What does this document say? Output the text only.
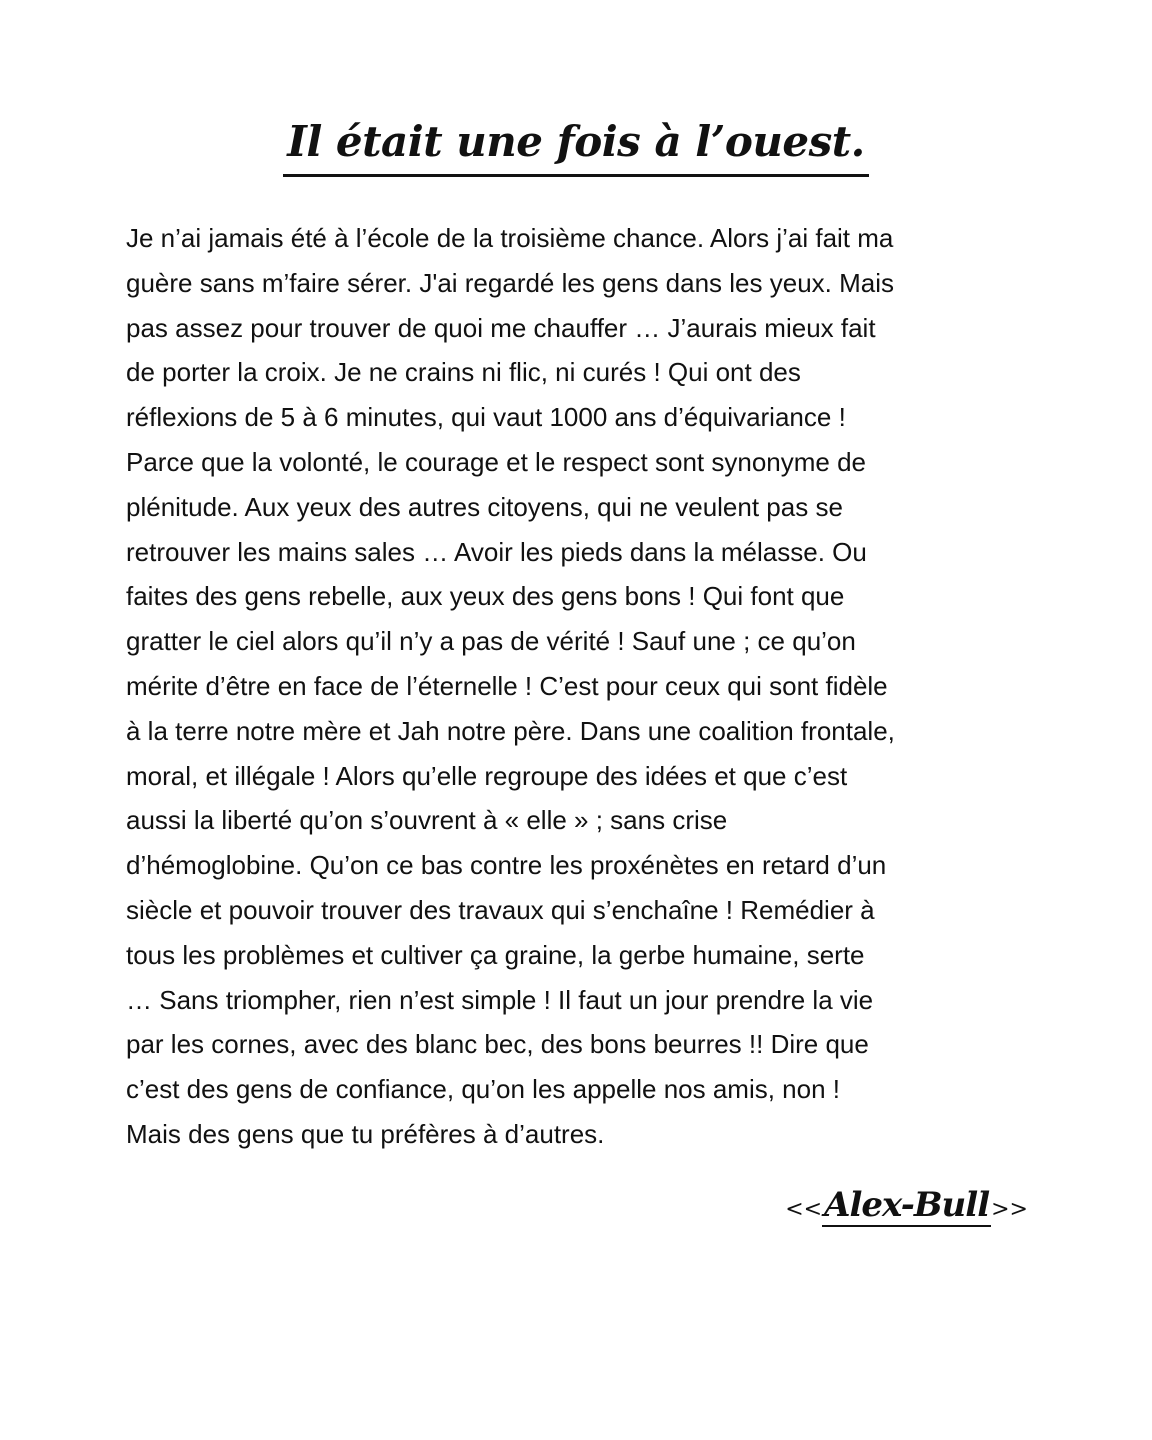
Il était une fois à l’ouest.

Je n’ai jamais été à l’école de la troisième chance. Alors j’ai fait ma
guère sans m’faire sérer. J'ai regardé les gens dans les yeux. Mais
pas assez pour trouver de quoi me chauffer … J’aurais mieux fait
de porter la croix. Je ne crains ni flic, ni curés ! Qui ont des
réflexions de 5 à 6 minutes, qui vaut 1000 ans d’équivariance !
Parce que la volonté, le courage et le respect sont synonyme de
plénitude. Aux yeux des autres citoyens, qui ne veulent pas se
retrouver les mains sales … Avoir les pieds dans la mélasse. Ou
faites des gens rebelle, aux yeux des gens bons ! Qui font que
gratter le ciel alors qu’il n’y a pas de vérité ! Sauf une ; ce qu’on
mérite d’être en face de l’éternelle ! C’est pour ceux qui sont fidèle
à la terre notre mère et Jah notre père. Dans une coalition frontale,
moral, et illégale ! Alors qu’elle regroupe des idées et que c’est
aussi la liberté qu’on s’ouvrent à « elle » ; sans crise
d’hémoglobine. Qu’on ce bas contre les proxénètes en retard d’un
siècle et pouvoir trouver des travaux qui s’enchaîne ! Remédier à
tous les problèmes et cultiver ça graine, la gerbe humaine, serte
… Sans triompher, rien n’est simple ! Il faut un jour prendre la vie
par les cornes, avec des blanc bec, des bons beurres !! Dire que
c’est des gens de confiance, qu’on les appelle nos amis, non !
Mais des gens que tu préfères à d’autres.

<<Alex-Bull>>
